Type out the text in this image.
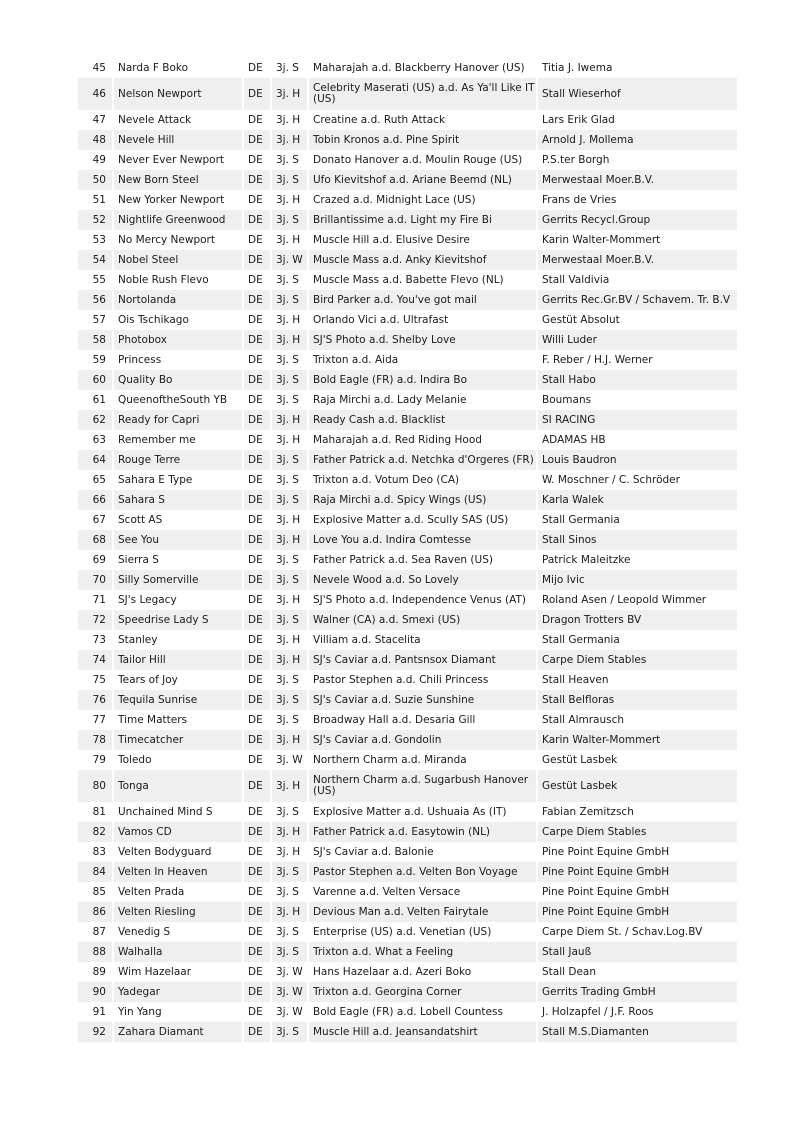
45	Narda F Boko	DE	3j. S	Maharajah a.d. Blackberry Hanover (US)	Titia J. Iwema
46	Nelson Newport	DE	3j. H	Celebrity Maserati (US) a.d. As Ya'll Like IT (US)	Stall Wieserhof
47	Nevele Attack	DE	3j. H	Creatine a.d. Ruth Attack	Lars Erik Glad
48	Nevele Hill	DE	3j. H	Tobin Kronos a.d. Pine Spirit	Arnold J. Mollema
49	Never Ever Newport	DE	3j. S	Donato Hanover a.d. Moulin Rouge (US)	P.S.ter Borgh
50	New Born Steel	DE	3j. S	Ufo Kievitshof a.d. Ariane Beemd (NL)	Merwestaal Moer.B.V.
51	New Yorker Newport	DE	3j. H	Crazed a.d. Midnight Lace (US)	Frans de Vries
52	Nightlife Greenwood	DE	3j. S	Brillantissime a.d. Light my Fire Bi	Gerrits Recycl.Group
53	No Mercy Newport	DE	3j. H	Muscle Hill a.d. Elusive Desire	Karin Walter-Mommert
54	Nobel Steel	DE	3j. W	Muscle Mass a.d. Anky Kievitshof	Merwestaal Moer.B.V.
55	Noble Rush Flevo	DE	3j. S	Muscle Mass a.d. Babette Flevo (NL)	Stall Valdivia
56	Nortolanda	DE	3j. S	Bird Parker a.d. You've got mail	Gerrits Rec.Gr.BV / Schavem. Tr. B.V
57	Ois Tschikago	DE	3j. H	Orlando Vici a.d. Ultrafast	Gestüt Absolut
58	Photobox	DE	3j. H	SJ'S Photo a.d. Shelby Love	Willi Luder
59	Princess	DE	3j. S	Trixton a.d. Aida	F. Reber / H.J. Werner
60	Quality Bo	DE	3j. S	Bold Eagle (FR) a.d. Indira Bo	Stall Habo
61	QueenoftheSouth YB	DE	3j. S	Raja Mirchi a.d. Lady Melanie	Boumans
62	Ready for Capri	DE	3j. H	Ready Cash a.d. Blacklist	SI RACING
63	Remember me	DE	3j. H	Maharajah a.d. Red Riding Hood	ADAMAS HB
64	Rouge Terre	DE	3j. S	Father Patrick a.d. Netchka d'Orgeres (FR)	Louis Baudron
65	Sahara E Type	DE	3j. S	Trixton a.d. Votum Deo (CA)	W. Moschner / C. Schröder
66	Sahara S	DE	3j. S	Raja Mirchi a.d. Spicy Wings (US)	Karla Walek
67	Scott AS	DE	3j. H	Explosive Matter a.d. Scully SAS (US)	Stall Germania
68	See You	DE	3j. H	Love You a.d. Indira Comtesse	Stall Sinos
69	Sierra S	DE	3j. S	Father Patrick a.d. Sea Raven (US)	Patrick Maleitzke
70	Silly Somerville	DE	3j. S	Nevele Wood a.d. So Lovely	Mijo Ivic
71	SJ's Legacy	DE	3j. H	SJ'S Photo a.d. Independence Venus (AT)	Roland Asen / Leopold Wimmer
72	Speedrise Lady S	DE	3j. S	Walner (CA) a.d. Smexi (US)	Dragon Trotters BV
73	Stanley	DE	3j. H	Villiam a.d. Stacelita	Stall Germania
74	Tailor Hill	DE	3j. H	SJ's Caviar a.d. Pantsnsox Diamant	Carpe Diem Stables
75	Tears of Joy	DE	3j. S	Pastor Stephen a.d. Chili Princess	Stall Heaven
76	Tequila Sunrise	DE	3j. S	SJ's Caviar a.d. Suzie Sunshine	Stall Belfloras
77	Time Matters	DE	3j. S	Broadway Hall a.d. Desaria Gill	Stall Almrausch
78	Timecatcher	DE	3j. H	SJ's Caviar a.d. Gondolin	Karin Walter-Mommert
79	Toledo	DE	3j. W	Northern Charm a.d. Miranda	Gestüt Lasbek
80	Tonga	DE	3j. H	Northern Charm a.d. Sugarbush Hanover (US)	Gestüt Lasbek
81	Unchained Mind S	DE	3j. S	Explosive Matter a.d. Ushuaia As (IT)	Fabian Zemitzsch
82	Vamos CD	DE	3j. H	Father Patrick a.d. Easytowin (NL)	Carpe Diem Stables
83	Velten Bodyguard	DE	3j. H	SJ's Caviar a.d. Balonie	Pine Point Equine GmbH
84	Velten In Heaven	DE	3j. S	Pastor Stephen a.d. Velten Bon Voyage	Pine Point Equine GmbH
85	Velten Prada	DE	3j. S	Varenne a.d. Velten Versace	Pine Point Equine GmbH
86	Velten Riesling	DE	3j. H	Devious Man a.d. Velten Fairytale	Pine Point Equine GmbH
87	Venedig S	DE	3j. S	Enterprise (US) a.d. Venetian (US)	Carpe Diem St. / Schav.Log.BV
88	Walhalla	DE	3j. S	Trixton a.d. What a Feeling	Stall Jauß
89	Wim Hazelaar	DE	3j. W	Hans Hazelaar a.d. Azeri Boko	Stall Dean
90	Yadegar	DE	3j. W	Trixton a.d. Georgina Corner	Gerrits Trading GmbH
91	Yin Yang	DE	3j. W	Bold Eagle (FR) a.d. Lobell Countess	J. Holzapfel / J.F. Roos
92	Zahara Diamant	DE	3j. S	Muscle Hill a.d. Jeansandatshirt	Stall M.S.Diamanten
